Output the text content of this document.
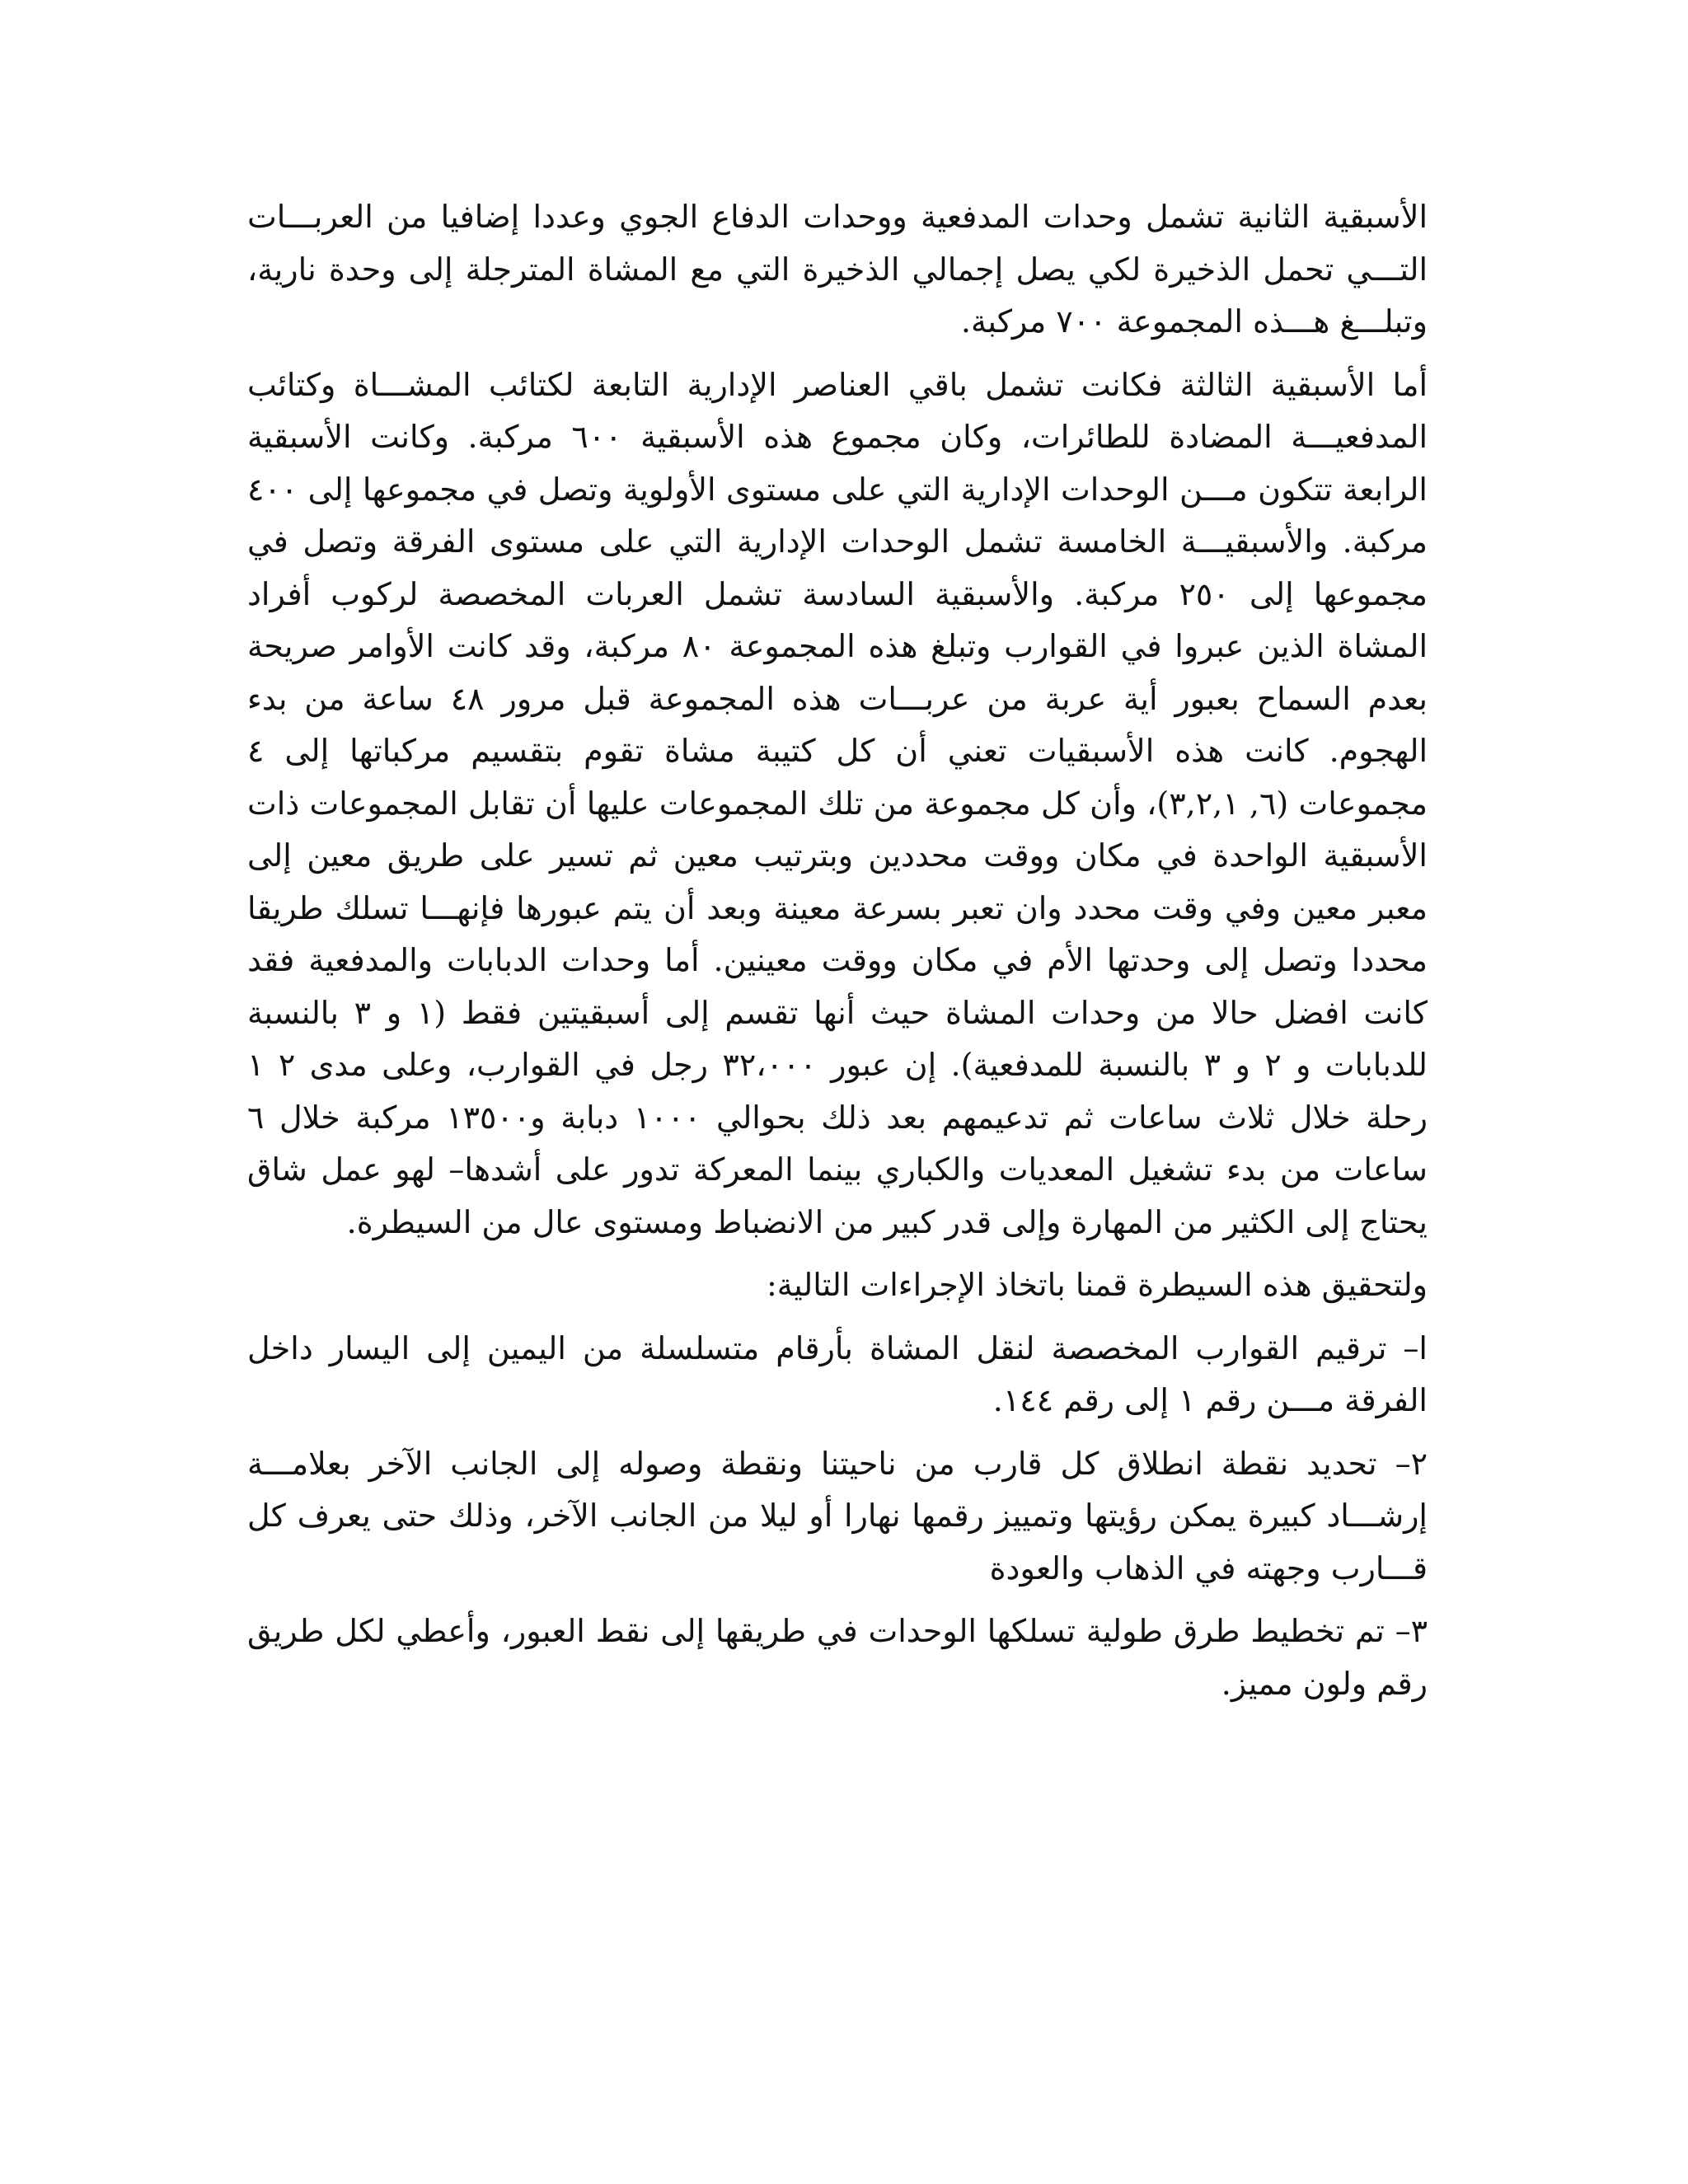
الأسبقية الثانية تشمل وحدات المدفعية ووحدات الدفاع الجوي وعددا إضافيا من العربـــات التـــي تحمل الذخيرة لكي يصل إجمالي الذخيرة التي مع المشاة المترجلة إلى وحدة نارية، وتبلـــغ هـــذه المجموعة ٧٠٠ مركبة.

أما الأسبقية الثالثة فكانت تشمل باقي العناصر الإدارية التابعة لكتائب المشـــاة وكتائب المدفعيـــة المضادة للطائرات، وكان مجموع هذه الأسبقية ٦٠٠ مركبة. وكانت الأسبقية الرابعة تتكون مـــن الوحدات الإدارية التي على مستوى الأولوية وتصل في مجموعها إلى ٤٠٠ مركبة. والأسبقيـــة الخامسة تشمل الوحدات الإدارية التي على مستوى الفرقة وتصل في مجموعها إلى ٢٥٠ مركبة. والأسبقية السادسة تشمل العربات المخصصة لركوب أفراد المشاة الذين عبروا في القوارب وتبلغ هذه المجموعة ٨٠ مركبة، وقد كانت الأوامر صريحة بعدم السماح بعبور أية عربة من عربـــات هذه المجموعة قبل مرور ٤٨ ساعة من بدء الهجوم. كانت هذه الأسبقيات تعني أن كل كتيبة مشاة تقوم بتقسيم مركباتها إلى ٤ مجموعات (٦, ٣,٢,١)، وأن كل مجموعة من تلك المجموعات عليها أن تقابل المجموعات ذات الأسبقية الواحدة في مكان ووقت محددين وبترتيب معين ثم تسير على طريق معين إلى معبر معين وفي وقت محدد وان تعبر بسرعة معينة وبعد أن يتم عبورها فإنهـــا تسلك طريقا محددا وتصل إلى وحدتها الأم في مكان ووقت معينين. أما وحدات الدبابات والمدفعية فقد كانت افضل حالا من وحدات المشاة حيث أنها تقسم إلى أسبقيتين فقط (١ و ٣ بالنسبة للدبابات و ٢ و ٣ بالنسبة للمدفعية). إن عبور ٣٢،٠٠٠ رجل في القوارب، وعلى مدى ٢ ١ رحلة خلال ثلاث ساعات ثم تدعيمهم بعد ذلك بحوالي ١٠٠٠ دبابة و١٣٥٠٠ مركبة خلال ٦ ساعات من بدء تشغيل المعديات والكباري بينما المعركة تدور على أشدها– لهو عمل شاق يحتاج إلى الكثير من المهارة وإلى قدر كبير من الانضباط ومستوى عال من السيطرة.

ولتحقيق هذه السيطرة قمنا باتخاذ الإجراءات التالية:

ا– ترقيم القوارب المخصصة لنقل المشاة بأرقام متسلسلة من اليمين إلى اليسار داخل الفرقة مـــن رقم ١ إلى رقم ١٤٤.

٢– تحديد نقطة انطلاق كل قارب من ناحيتنا ونقطة وصوله إلى الجانب الآخر بعلامـــة إرشـــاد كبيرة يمكن رؤيتها وتمييز رقمها نهارا أو ليلا من الجانب الآخر، وذلك حتى يعرف كل قـــارب وجهته في الذهاب والعودة

٣– تم تخطيط طرق طولية تسلكها الوحدات في طريقها إلى نقط العبور، وأعطي لكل طريق رقم ولون مميز.
